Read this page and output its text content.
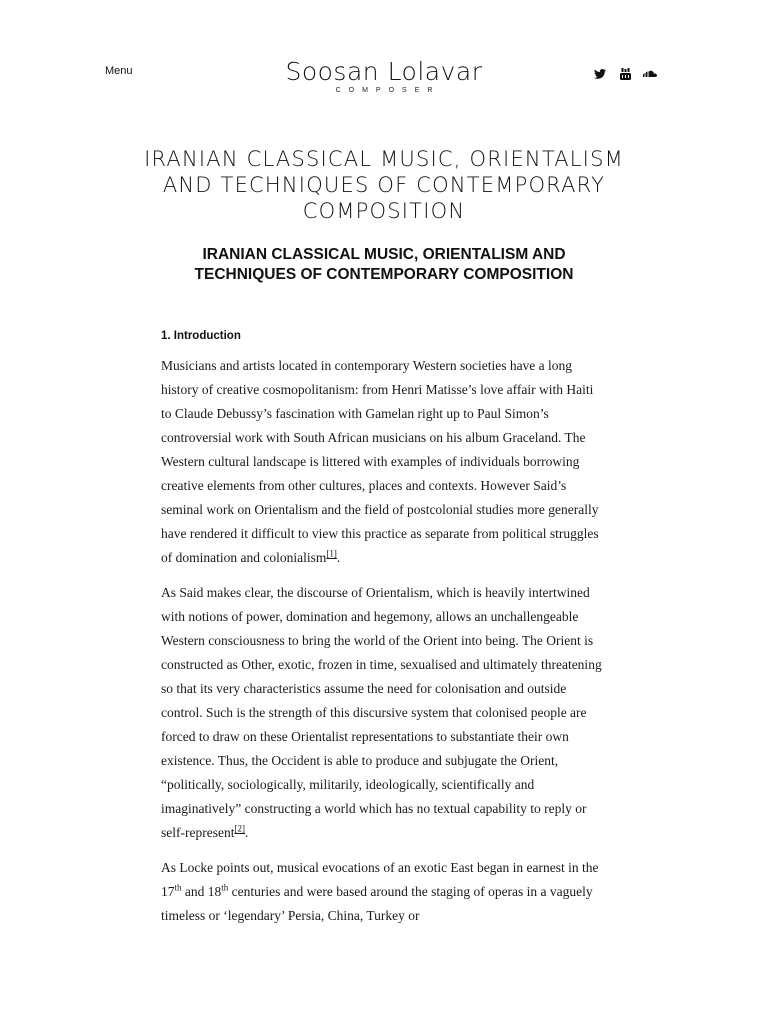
Menu	Soosan Lolavar
COMPOSER
IRANIAN CLASSICAL MUSIC, ORIENTALISM AND TECHNIQUES OF CONTEMPORARY COMPOSITION
IRANIAN CLASSICAL MUSIC, ORIENTALISM AND TECHNIQUES OF CONTEMPORARY COMPOSITION
1. Introduction

Musicians and artists located in contemporary Western societies have a long history of creative cosmopolitanism: from Henri Matisse’s love affair with Haiti to Claude Debussy’s fascination with Gamelan right up to Paul Simon’s controversial work with South African musicians on his album Graceland. The Western cultural landscape is littered with examples of individuals borrowing creative elements from other cultures, places and contexts. However Said’s seminal work on Orientalism and the field of postcolonial studies more generally have rendered it difficult to view this practice as separate from political struggles of domination and colonialism[1].

As Said makes clear, the discourse of Orientalism, which is heavily intertwined with notions of power, domination and hegemony, allows an unchallengeable Western consciousness to bring the world of the Orient into being. The Orient is constructed as Other, exotic, frozen in time, sexualised and ultimately threatening so that its very characteristics assume the need for colonisation and outside control. Such is the strength of this discursive system that colonised people are forced to draw on these Orientalist representations to substantiate their own existence. Thus, the Occident is able to produce and subjugate the Orient, “politically, sociologically, militarily, ideologically, scientifically and imaginatively” constructing a world which has no textual capability to reply or self-represent[2].

As Locke points out, musical evocations of an exotic East began in earnest in the 17th and 18th centuries and were based around the staging of operas in a vaguely timeless or ‘legendary’ Persia, China, Turkey or
